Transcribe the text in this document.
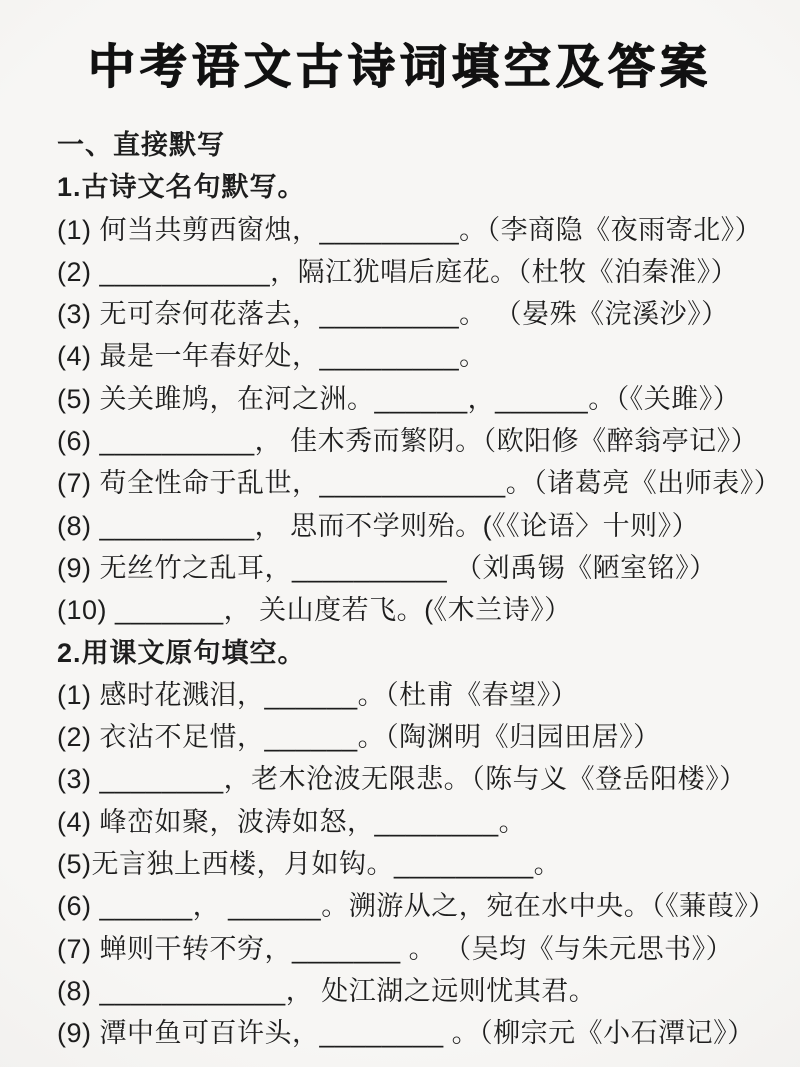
中考语文古诗词填空及答案
一、直接默写
1.古诗文名句默写。
(1) 何当共剪西窗烛，_________。（李商隐《夜雨寄北》）
(2) ___________，隔江犹唱后庭花。（杜牧《泊秦淮》）
(3) 无可奈何花落去，_________。 （晏殊《浣溪沙》）
(4) 最是一年春好处，_________。
(5) 关关雎鸠，在河之洲。______，______。（《关雎》）
(6) __________， 佳木秀而繁阴。（欧阳修《醉翁亭记》）
(7) 苟全性命于乱世，____________。（诸葛亮《出师表》）
(8) __________， 思而不学则殆。(《《论语〉十则》）
(9) 无丝竹之乱耳，__________ （刘禹锡《陋室铭》）
(10) _______， 关山度若飞。(《木兰诗》）
2.用课文原句填空。
(1) 感时花溅泪，______。（杜甫《春望》）
(2) 衣沾不足惜，______。（陶渊明《归园田居》）
(3) ________，老木沧波无限悲。（陈与义《登岳阳楼》）
(4) 峰峦如聚，波涛如怒，________。
(5)无言独上西楼，月如钩。_________。
(6) ______， ______。溯游从之，宛在水中央。（《蒹葭》）
(7) 蝉则干转不穷，_______ 。 （吴均《与朱元思书》）
(8) ____________， 处江湖之远则忧其君。
(9) 潭中鱼可百许头，________ 。（柳宗元《小石潭记》）
